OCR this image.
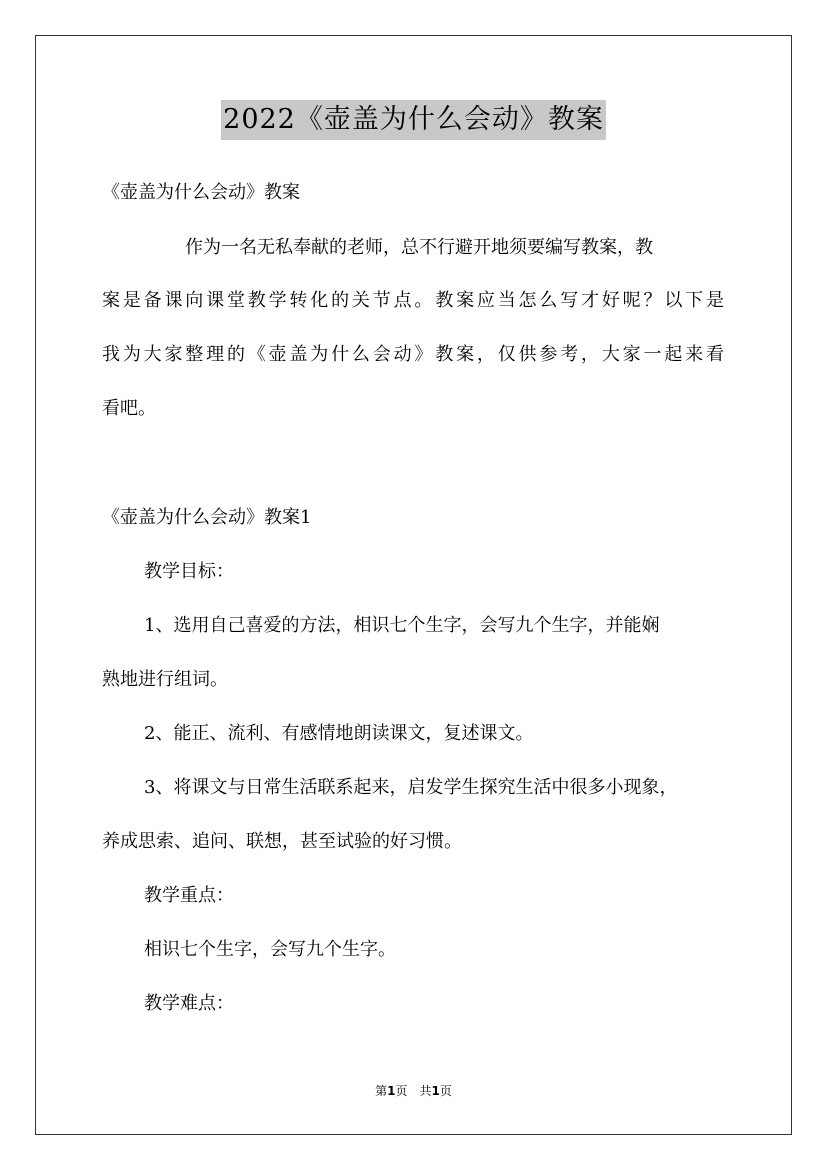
2022《壶盖为什么会动》教案
《壶盖为什么会动》教案
作为一名无私奉献的老师，总不行避开地须要编写教案，教
案是备课向课堂教学转化的关节点。教案应当怎么写才好呢？以下是
我为大家整理的《壶盖为什么会动》教案，仅供参考，大家一起来看
看吧。
《壶盖为什么会动》教案1
教学目标：
1、选用自己喜爱的方法，相识七个生字，会写九个生字，并能娴
熟地进行组词。
2、能正、流利、有感情地朗读课文，复述课文。
3、将课文与日常生活联系起来，启发学生探究生活中很多小现象，
养成思索、追问、联想，甚至试验的好习惯。
教学重点：
相识七个生字，会写九个生字。
教学难点：
第1页　共1页
